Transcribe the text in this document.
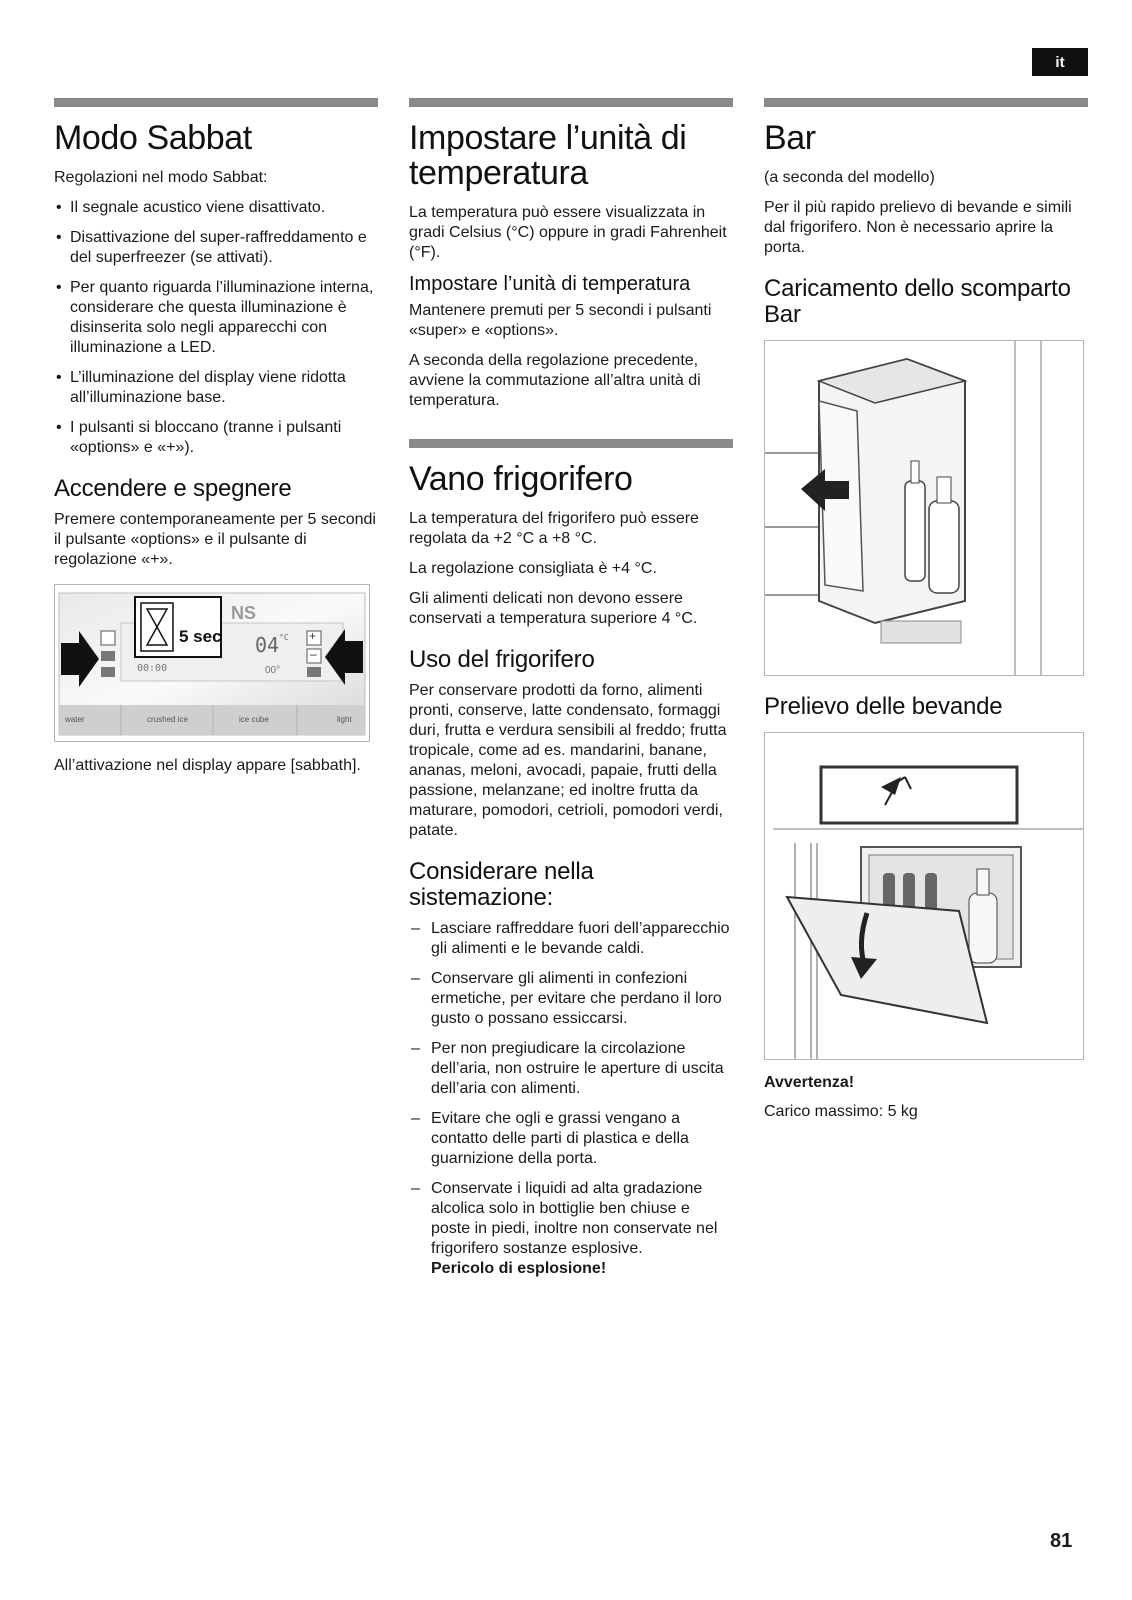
it
Modo Sabbat

Regolazioni nel modo Sabbat:

• Il segnale acustico viene disattivato.
• Disattivazione del super-raffreddamento e del superfreezer (se attivati).
• Per quanto riguarda l’illuminazione interna, considerare che questa illuminazione è disinserita solo negli apparecchi con illuminazione a LED.
• L’illuminazione del display viene ridotta all’illuminazione base.
• I pulsanti si bloccano (tranne i pulsanti «options» e «+»).
Accendere e spegnere

Premere contemporaneamente per 5 secondi il pulsante «options» e il pulsante di regolazione «+».

5 sec
NS
00:00
$04^{^\circ C}$
00°
+
–
water	crushed ice	ice cube	light

All’attivazione nel display appare [sabbath].

Impostare l’unità di temperatura

La temperatura può essere visualizzata in gradi Celsius (°C) oppure in gradi Fahrenheit (°F).

Impostare l’unità di temperatura

Mantenere premuti per 5 secondi i pulsanti «super» e «options».

A seconda della regolazione precedente, avviene la commutazione all’altra unità di temperatura.

Vano frigorifero

La temperatura del frigorifero può essere regolata da +2 °C a +8 °C.

La regolazione consigliata è +4 °C.

Gli alimenti delicati non devono essere conservati a temperatura superiore 4 °C.

Uso del frigorifero

Per conservare prodotti da forno, alimenti pronti, conserve, latte condensato, formaggi duri, frutta e verdura sensibili al freddo; frutta tropicale, come ad es. mandarini, banane, ananas, meloni, avocadi, papaie, frutti della passione, melanzane; ed inoltre frutta da maturare, pomodori, cetrioli, pomodori verdi, patate.

Considerare nella sistemazione:
– Lasciare raffreddare fuori dell’apparecchio gli alimenti e le bevande caldi.
– Conservare gli alimenti in confezioni ermetiche, per evitare che perdano il loro gusto o possano essiccarsi.
– Per non pregiudicare la circolazione dell’aria, non ostruire le aperture di uscita dell’aria con alimenti.
– Evitare che ogli e grassi vengano a contatto delle parti di plastica e della guarnizione della porta.
– Conservate i liquidi ad alta gradazione alcolica solo in bottiglie ben chiuse e poste in piedi, inoltre non conservate nel frigorifero sostanze esplosive.
Pericolo di esplosione!
Bar

(a seconda del modello)

Per il più rapido prelievo di bevande e simili dal frigorifero. Non è necessario aprire la porta.

Caricamento dello scomparto Bar
Prelievo delle bevande
Avvertenza!

Carico massimo: 5 kg

81
